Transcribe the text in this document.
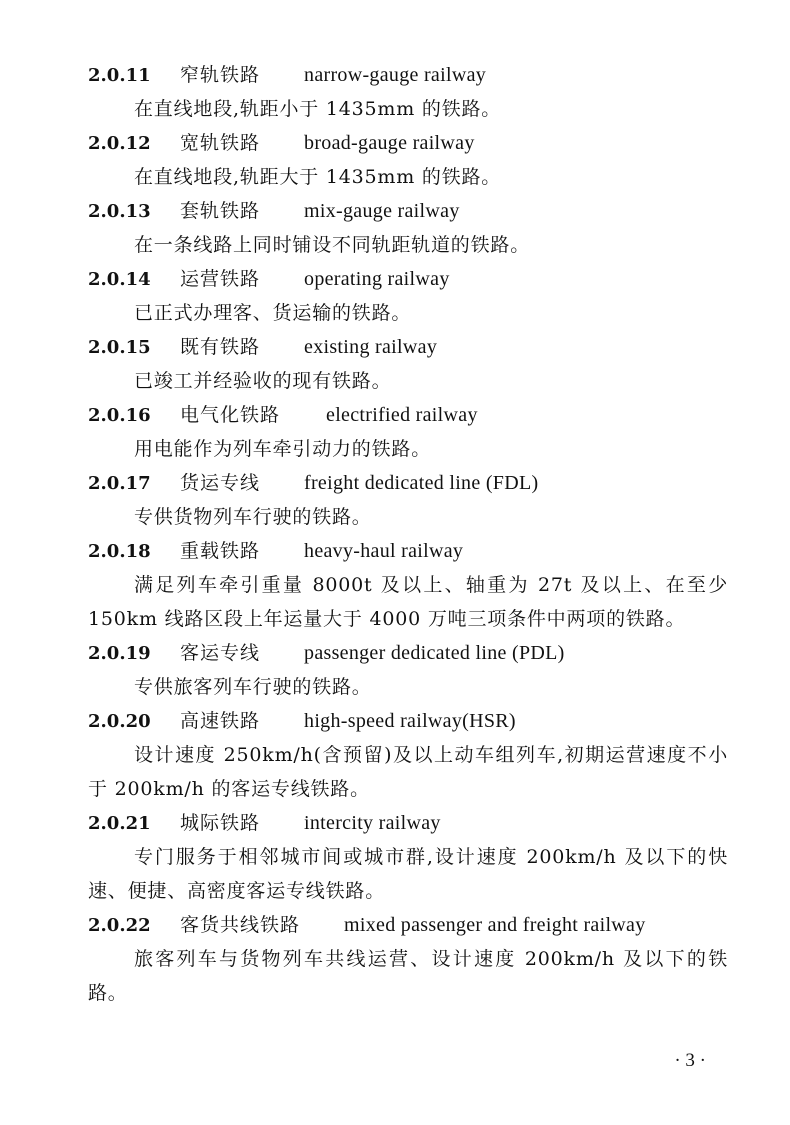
2.0.11 窄轨铁路 narrow-gauge railway
在直线地段,轨距小于 1435mm 的铁路。
2.0.12 宽轨铁路 broad-gauge railway
在直线地段,轨距大于 1435mm 的铁路。
2.0.13 套轨铁路 mix-gauge railway
在一条线路上同时铺设不同轨距轨道的铁路。
2.0.14 运营铁路 operating railway
已正式办理客、货运输的铁路。
2.0.15 既有铁路 existing railway
已竣工并经验收的现有铁路。
2.0.16 电气化铁路 electrified railway
用电能作为列车牵引动力的铁路。
2.0.17 货运专线 freight dedicated line (FDL)
专供货物列车行驶的铁路。
2.0.18 重载铁路 heavy-haul railway
满足列车牵引重量 8000t 及以上、轴重为 27t 及以上、在至少 150km 线路区段上年运量大于 4000 万吨三项条件中两项的铁路。
2.0.19 客运专线 passenger dedicated line (PDL)
专供旅客列车行驶的铁路。
2.0.20 高速铁路 high-speed railway(HSR)
设计速度 250km/h(含预留)及以上动车组列车,初期运营速度不小于 200km/h 的客运专线铁路。
2.0.21 城际铁路 intercity railway
专门服务于相邻城市间或城市群,设计速度 200km/h 及以下的快速、便捷、高密度客运专线铁路。
2.0.22 客货共线铁路 mixed passenger and freight railway
旅客列车与货物列车共线运营、设计速度 200km/h 及以下的铁路。
· 3 ·
